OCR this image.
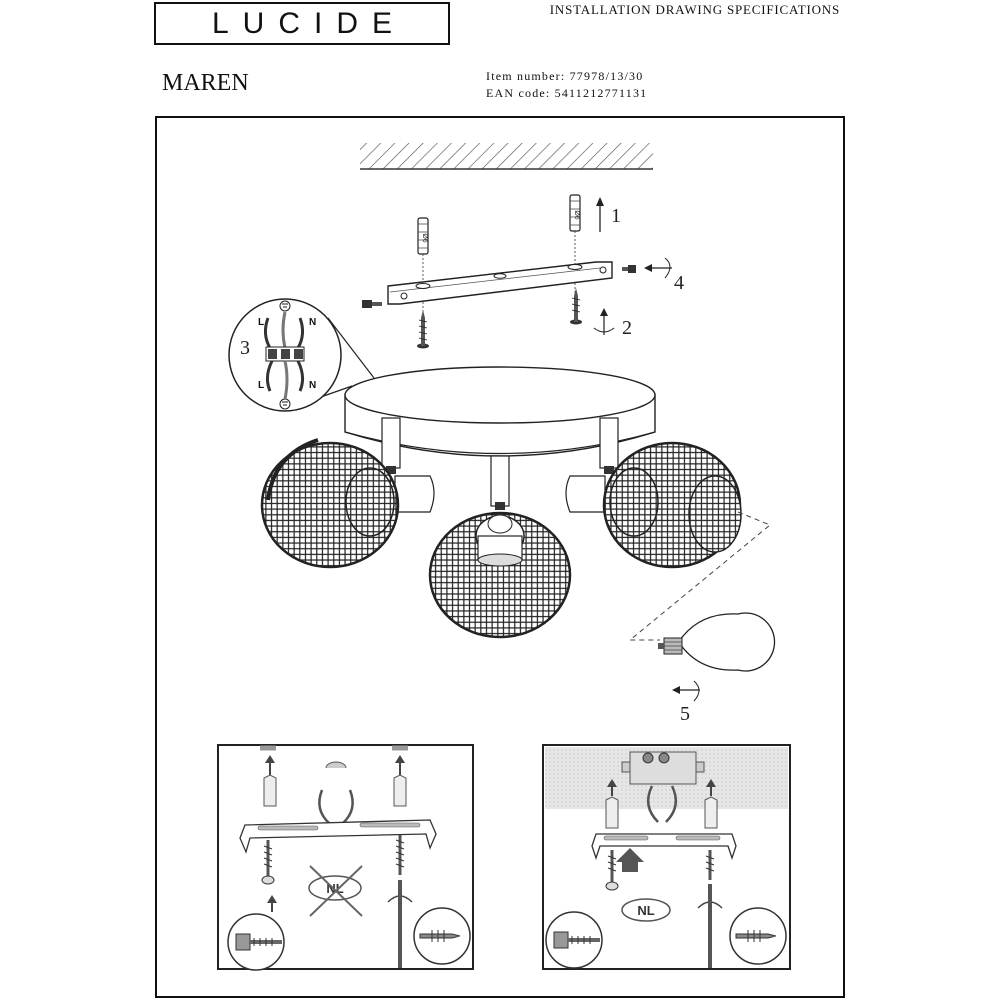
LUCIDE	INSTALLATION DRAWING SPECIFICATIONS
MAREN	Item number: 77978/13/30
EAN code: 5411212771131
Ø6
Ø6 1
4
2
L	N
L	N
3
5
NL
NL
